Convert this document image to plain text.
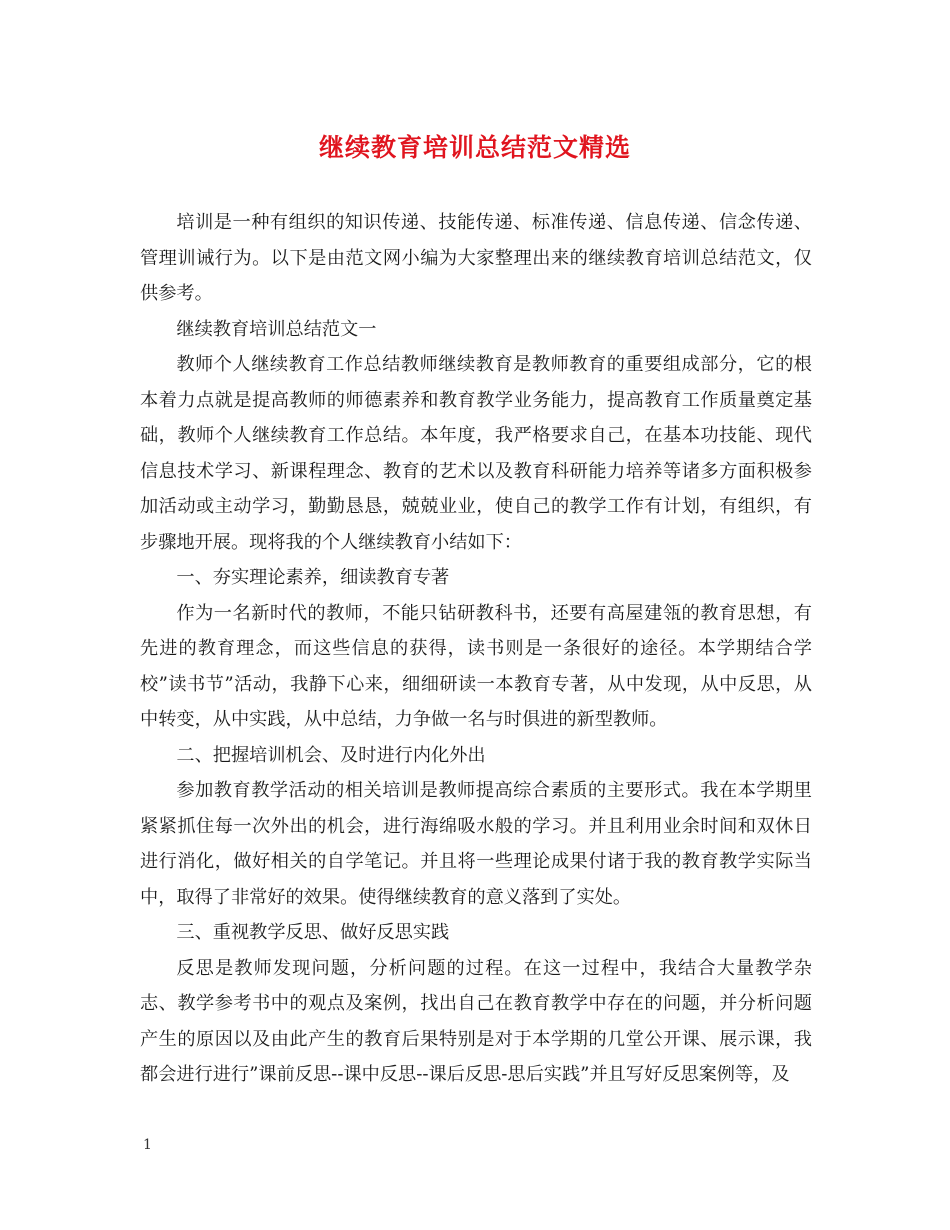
继续教育培训总结范文精选

培训是一种有组织的知识传递、技能传递、标准传递、信息传递、信念传递、管理训诫行为。以下是由范文网小编为大家整理出来的继续教育培训总结范文，仅供参考。

继续教育培训总结范文一

教师个人继续教育工作总结教师继续教育是教师教育的重要组成部分，它的根本着力点就是提高教师的师德素养和教育教学业务能力，提高教育工作质量奠定基础，教师个人继续教育工作总结。本年度，我严格要求自己，在基本功技能、现代信息技术学习、新课程理念、教育的艺术以及教育科研能力培养等诸多方面积极参加活动或主动学习，勤勤恳恳，兢兢业业，使自己的教学工作有计划，有组织，有步骤地开展。现将我的个人继续教育小结如下：

一、夯实理论素养，细读教育专著

作为一名新时代的教师，不能只钻研教科书，还要有高屋建瓴的教育思想，有先进的教育理念，而这些信息的获得，读书则是一条很好的途径。本学期结合学校”读书节”活动，我静下心来，细细研读一本教育专著，从中发现，从中反思，从中转变，从中实践，从中总结，力争做一名与时俱进的新型教师。

二、把握培训机会、及时进行内化外出

参加教育教学活动的相关培训是教师提高综合素质的主要形式。我在本学期里紧紧抓住每一次外出的机会，进行海绵吸水般的学习。并且利用业余时间和双休日进行消化，做好相关的自学笔记。并且将一些理论成果付诸于我的教育教学实际当中，取得了非常好的效果。使得继续教育的意义落到了实处。

三、重视教学反思、做好反思实践

反思是教师发现问题，分析问题的过程。在这一过程中，我结合大量教学杂志、教学参考书中的观点及案例，找出自己在教育教学中存在的问题，并分析问题产生的原因以及由此产生的教育后果特别是对于本学期的几堂公开课、展示课，我都会进行进行”课前反思--课中反思--课后反思-思后实践”并且写好反思案例等，及

1
